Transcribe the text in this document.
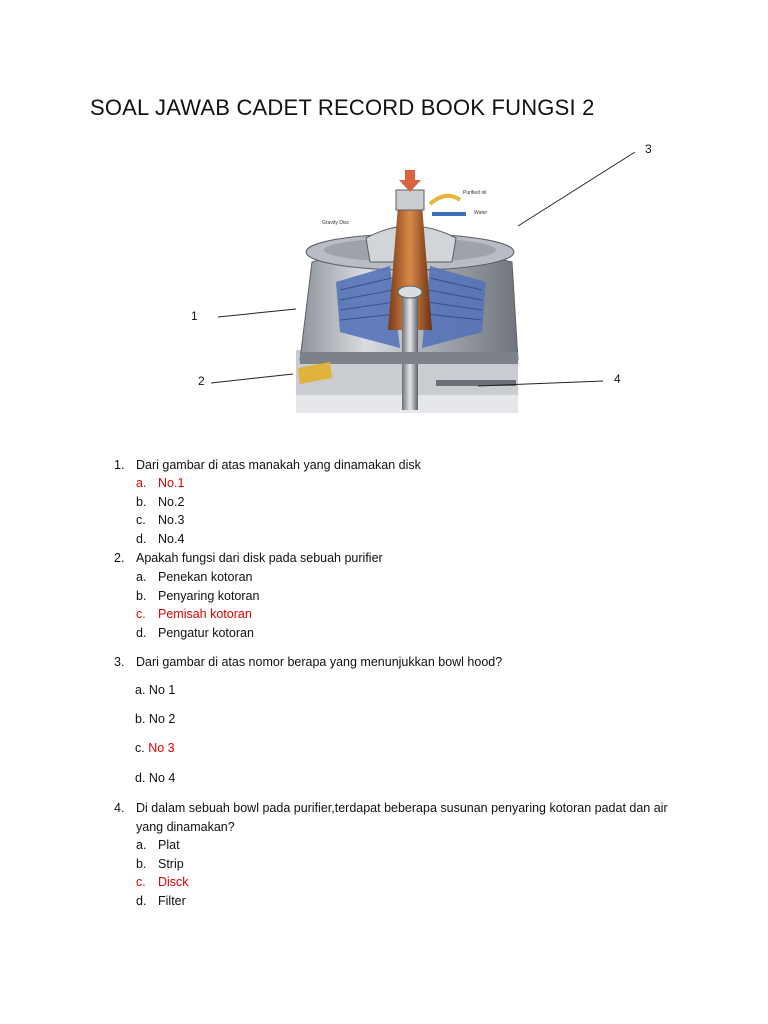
SOAL JAWAB CADET RECORD BOOK FUNGSI 2
Purified oil
Water
Gravity Disc
1
2
3
4
1. Dari gambar di atas manakah yang dinamakan disk
a. No.1
b. No.2
c. No.3
d. No.4
2. Apakah fungsi dari disk pada sebuah purifier
a. Penekan kotoran
b. Penyaring kotoran
c. Pemisah kotoran
d. Pengatur kotoran
3. Dari gambar di atas nomor berapa yang menunjukkan bowl hood?
a. No 1
b. No 2
c. No 3
d. No 4
4. Di dalam sebuah bowl pada purifier,terdapat beberapa susunan penyaring kotoran padat dan air
yang dinamakan?
a. Plat
b. Strip
c. Disck
d. Filter
